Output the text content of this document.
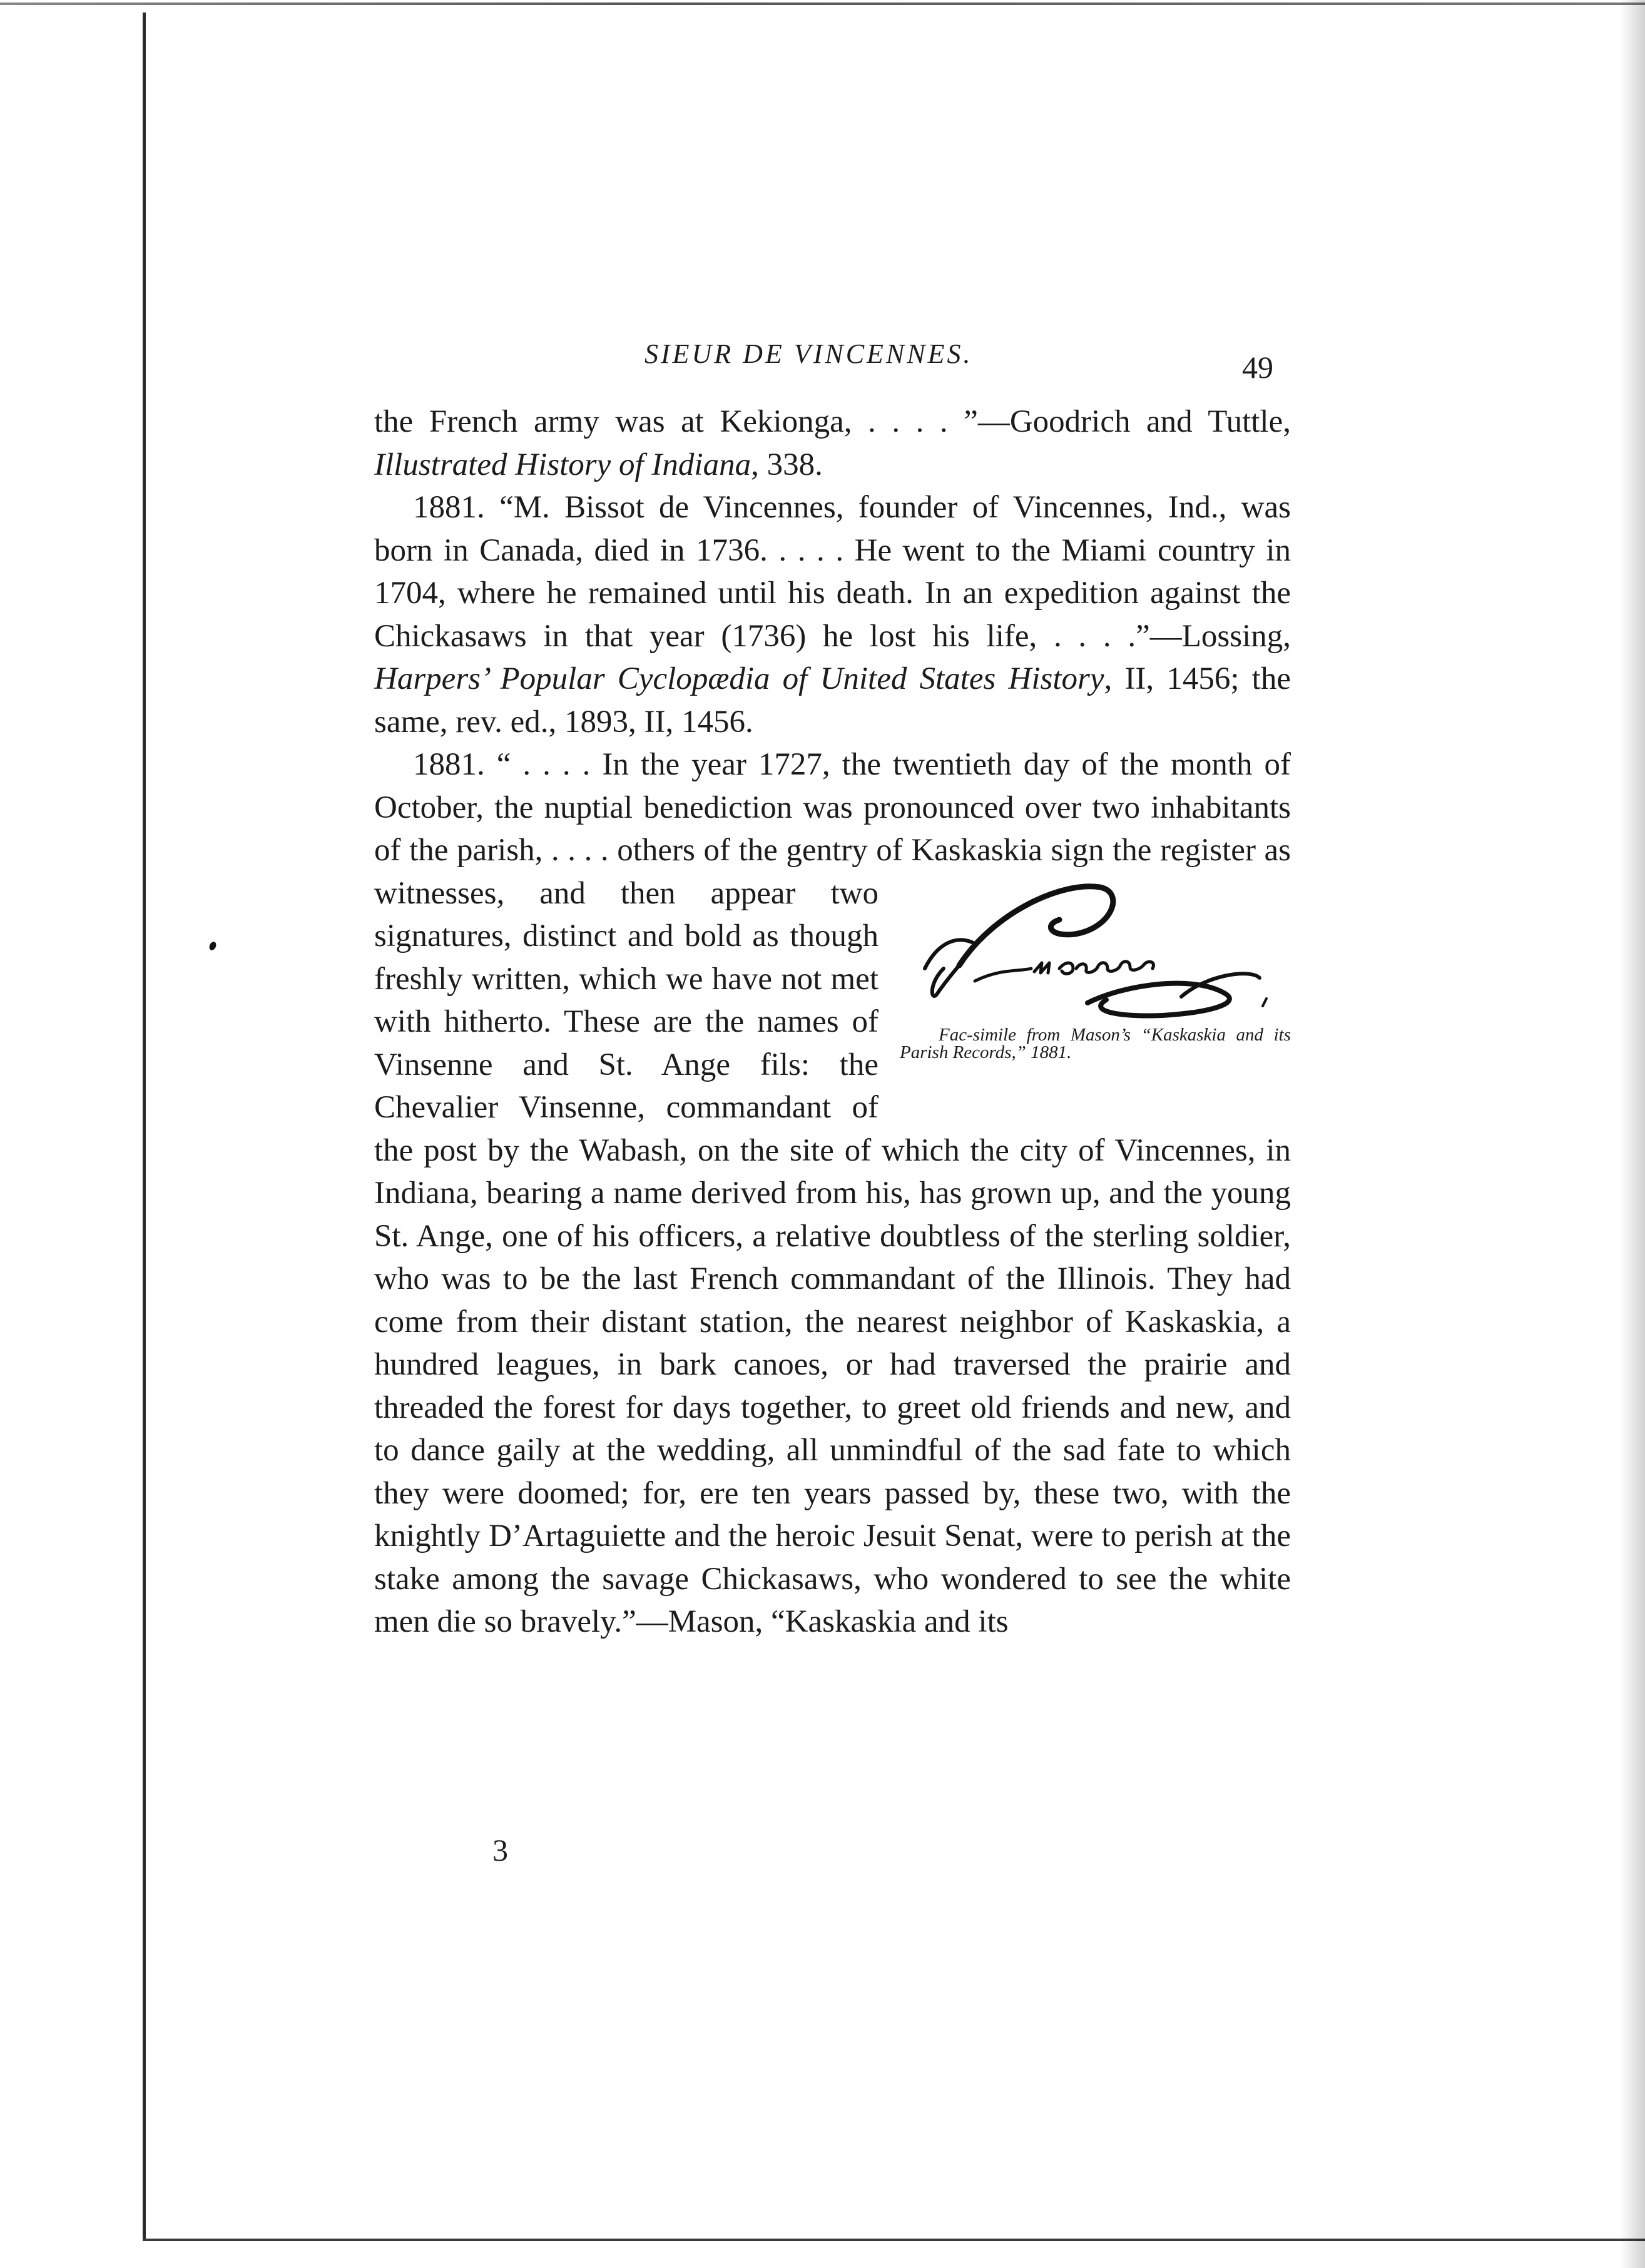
SIEUR DE VINCENNES.	49

the French army was at Kekionga, . . . . ”—Goodrich and Tuttle, Illustrated History of Indiana, 338.

1881. “M. Bissot de Vincennes, founder of Vincennes, Ind., was born in Canada, died in 1736. . . . . He went to the Miami country in 1704, where he remained until his death. In an expedition against the Chickasaws in that year (1736) he lost his life, . . . .”—Lossing, Harpers’ Popular Cyclopædia of United States History, II, 1456; the same, rev. ed., 1893, II, 1456.

1881. “ . . . . In the year 1727, the twentieth day of the month of October, the nuptial benediction was pronounced over two inhabitants of the parish, . . . . others of the gentry of Kaskaskia sign the register as witnesses, and
Fac-simile from Mason’s “Kaskaskia and its Parish Records,” 1881.
then appear two signatures, distinct and bold as though freshly written, which we have not met with hitherto. These are the names of Vinsenne and St. Ange fils: the Chevalier Vinsenne, commandant of the post by the Wabash, on the site of which the city of Vincennes, in Indiana, bearing a name derived from his, has grown up, and the young St. Ange, one of his officers, a relative doubtless of the sterling soldier, who was to be the last French commandant of the Illinois. They had come from their distant station, the nearest neighbor of Kaskaskia, a hundred leagues, in bark canoes, or had traversed the prairie and threaded the forest for days together, to greet old friends and new, and to dance gaily at the wedding, all unmindful of the sad fate to which they were doomed; for, ere ten years passed by, these two, with the knightly D’Artaguiette and the heroic Jesuit Senat, were to perish at the stake among the savage Chickasaws, who wondered to see the white men die so bravely.”—Mason, “Kaskaskia and its

3
